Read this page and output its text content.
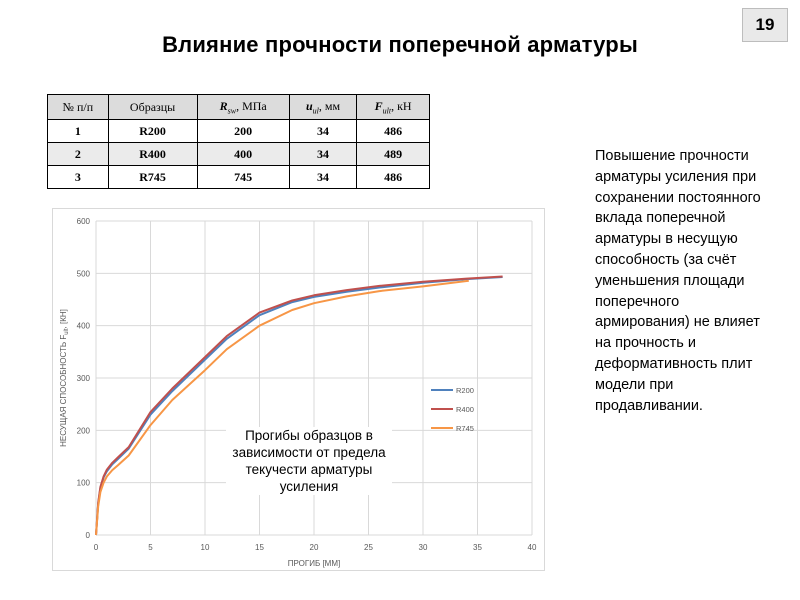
19
Влияние прочности поперечной арматуры
№ п/п	Образцы	$R_{sw}$, МПа	$u_{иl}$, мм	$F_{иlt}$, кН
1	R200	200	34	486
2	R400	400	34	489
3	R745	745	34	486
0	5	10	15	20	25	30	35	40
0
100
200
300
400
500
600
ПРОГИБ [ММ]
НЕСУЩАЯ СПОСОБНОСТЬ $F_{ult}$, [КН]
R200
R400
R745
Прогибы образцов в зависимости от предела текучести арматуры усиления
Повышение прочности арматуры усиления при сохранении постоянного вклада поперечной арматуры в несущую способность (за счёт уменьшения площади поперечного армирования) не влияет на прочность и деформативность плит модели при продавливании.
